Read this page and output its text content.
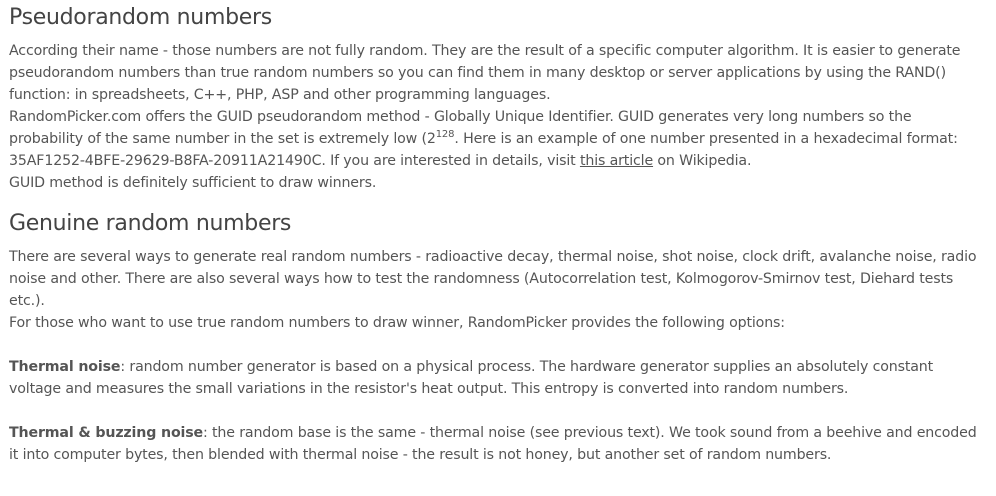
Pseudorandom numbers

According their name - those numbers are not fully random. They are the result of a specific computer algorithm. It is easier to generate pseudorandom numbers than true random numbers so you can find them in many desktop or server applications by using the RAND() function: in spreadsheets, C++, PHP, ASP and other programming languages.

RandomPicker.com offers the GUID pseudorandom method - Globally Unique Identifier. GUID generates very long numbers so the probability of the same number in the set is extremely low ($2^{128}$. Here is an example of one number presented in a hexadecimal format: 35AF1252-4BFE-29629-B8FA-20911A21490C. If you are interested in details, visit this article on Wikipedia.

GUID method is definitely sufficient to draw winners.

Genuine random numbers

There are several ways to generate real random numbers - radioactive decay, thermal noise, shot noise, clock drift, avalanche noise, radio noise and other. There are also several ways how to test the randomness (Autocorrelation test, Kolmogorov-Smirnov test, Diehard tests etc.).

For those who want to use true random numbers to draw winner, RandomPicker provides the following options:

Thermal noise: random number generator is based on a physical process. The hardware generator supplies an absolutely constant voltage and measures the small variations in the resistor's heat output. This entropy is converted into random numbers.

Thermal & buzzing noise: the random base is the same - thermal noise (see previous text). We took sound from a beehive and encoded it into computer bytes, then blended with thermal noise - the result is not honey, but another set of random numbers.
